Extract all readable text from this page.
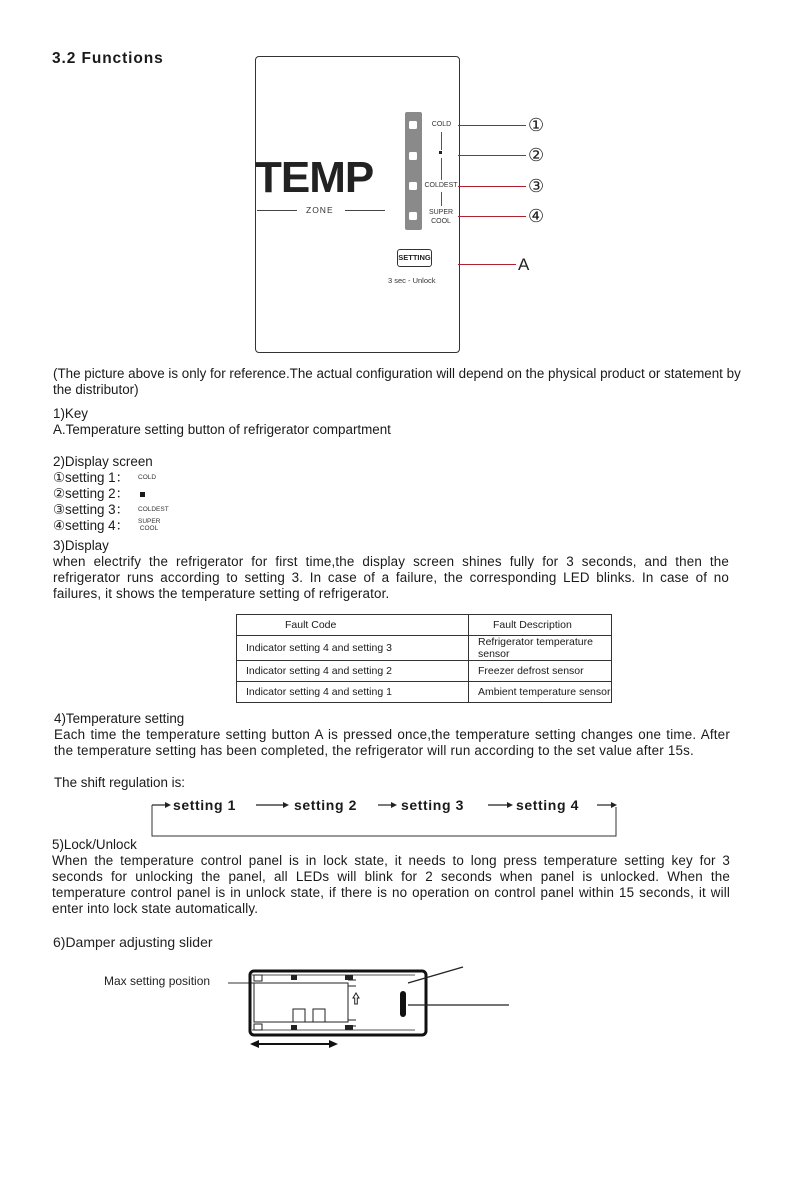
3.2 Functions
TEMP
ZONE
COLD
COLDEST
SUPER
COOL
SETTING
3 sec - Unlock
①
②
③
④
A
(The picture above is only for reference.The actual configuration will depend on the physical product or statement by the distributor)
1)Key
A.Temperature setting button of refrigerator compartment
2)Display screen
①setting 1： COLD
②setting 2：
③setting 3： COLDEST
④setting 4： SUPER
COOL
3)Display
when electrify the refrigerator for first time,the display screen shines fully for 3 seconds, and then the refrigerator runs according to setting 3. In case of a failure, the corresponding LED blinks. In case of no failures, it shows the temperature setting of refrigerator.
Fault Code	Fault Description
Indicator setting 4 and setting 3	Refrigerator temperature sensor
Indicator setting 4 and setting 2	Freezer defrost sensor
Indicator setting 4 and setting 1	Ambient temperature sensor
4)Temperature setting
Each time the temperature setting button A is pressed once,the temperature setting changes one time. After the temperature setting has been completed, the refrigerator will run according to the set value after 15s.
The shift regulation is:
setting 1	setting 2	setting 3	setting 4
5)Lock/Unlock
When the temperature control panel is in lock state, it needs to long press temperature setting key for 3 seconds for unlocking the panel, all LEDs will blink for 2 seconds when panel is unlocked. When the temperature control panel is in unlock state, if there is no operation on control panel within 15 seconds, it will enter into lock state automatically.
6)Damper adjusting slider
Max setting position
